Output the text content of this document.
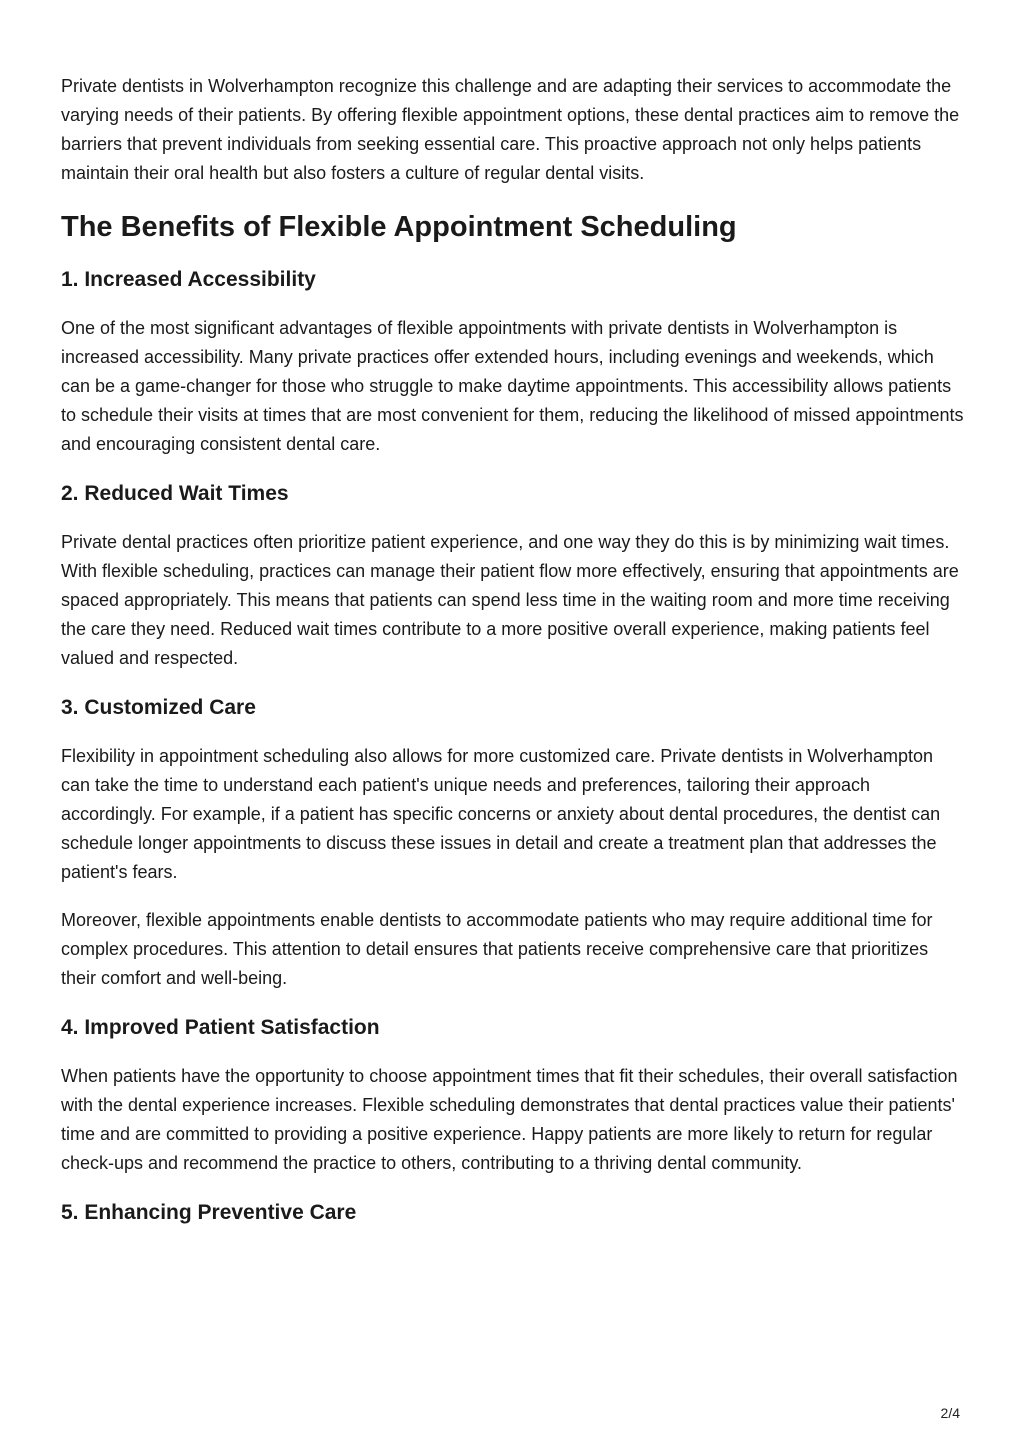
Private dentists in Wolverhampton recognize this challenge and are adapting their services to accommodate the varying needs of their patients. By offering flexible appointment options, these dental practices aim to remove the barriers that prevent individuals from seeking essential care. This proactive approach not only helps patients maintain their oral health but also fosters a culture of regular dental visits.

The Benefits of Flexible Appointment Scheduling
1. Increased Accessibility

One of the most significant advantages of flexible appointments with private dentists in Wolverhampton is increased accessibility. Many private practices offer extended hours, including evenings and weekends, which can be a game-changer for those who struggle to make daytime appointments. This accessibility allows patients to schedule their visits at times that are most convenient for them, reducing the likelihood of missed appointments and encouraging consistent dental care.

2. Reduced Wait Times

Private dental practices often prioritize patient experience, and one way they do this is by minimizing wait times. With flexible scheduling, practices can manage their patient flow more effectively, ensuring that appointments are spaced appropriately. This means that patients can spend less time in the waiting room and more time receiving the care they need. Reduced wait times contribute to a more positive overall experience, making patients feel valued and respected.

3. Customized Care

Flexibility in appointment scheduling also allows for more customized care. Private dentists in Wolverhampton can take the time to understand each patient's unique needs and preferences, tailoring their approach accordingly. For example, if a patient has specific concerns or anxiety about dental procedures, the dentist can schedule longer appointments to discuss these issues in detail and create a treatment plan that addresses the patient's fears.

Moreover, flexible appointments enable dentists to accommodate patients who may require additional time for complex procedures. This attention to detail ensures that patients receive comprehensive care that prioritizes their comfort and well-being.

4. Improved Patient Satisfaction

When patients have the opportunity to choose appointment times that fit their schedules, their overall satisfaction with the dental experience increases. Flexible scheduling demonstrates that dental practices value their patients' time and are committed to providing a positive experience. Happy patients are more likely to return for regular check-ups and recommend the practice to others, contributing to a thriving dental community.

5. Enhancing Preventive Care
2/4
